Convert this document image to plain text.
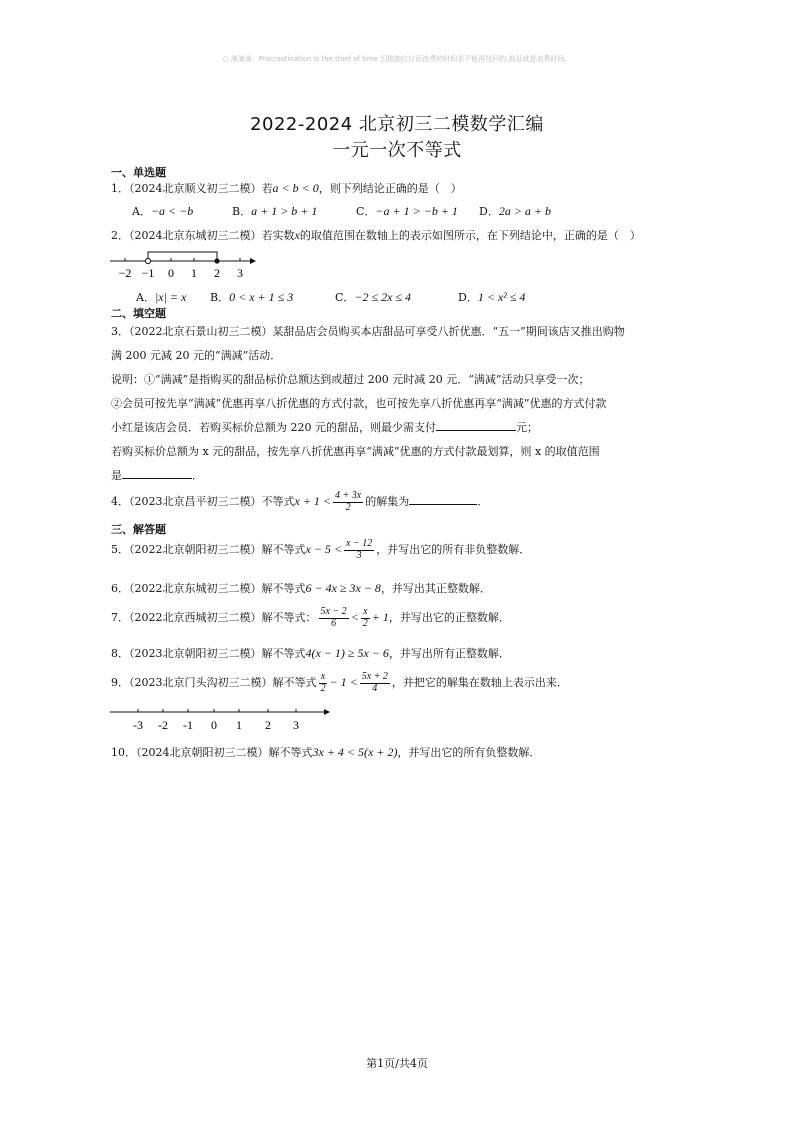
○ 滴滴滴：Procrastination is the thief of time 因拖拖拉拉而浪费的时间是不能再找回的.拖延就是浪费时间。
2022-2024 北京初三二模数学汇编
一元一次不等式
一、单选题
1．（2024北京顺义初三二模）若a < b < 0，则下列结论正确的是（　）
A．−a < −b	B．a + 1 > b + 1	C．−a + 1 > −b + 1 D．2a > a + b
2．（2024北京东城初三二模）若实数x的取值范围在数轴上的表示如图所示，在下列结论中，正确的是（　）
−2 −1 0 1 2 3
A．|x| = x B．0 < x + 1 ≤ 3	C．−2 ≤ 2x ≤ 4	D．1 < x² ≤ 4
二、填空题
3．（2022北京石景山初三二模）某甜品店会员购买本店甜品可享受八折优惠．“五一”期间该店又推出购物
满 200 元减 20 元的“满减”活动．
说明：①“满减”是指购买的甜品标价总额达到或超过 200 元时减 20 元．“满减”活动只享受一次；
②会员可按先享“满减”优惠再享八折优惠的方式付款，也可按先享八折优惠再享“满减”优惠的方式付款
小红是该店会员．若购买标价总额为 220 元的甜品，则最少需支付	元；
若购买标价总额为 x 元的甜品，按先享八折优惠再享“满减”优惠的方式付款最划算，则 x 的取值范围
是	．
4．（2023北京昌平初三二模）不等式$x + 1 < \frac{4 + 3x}{2}$ 的解集为	．
三、解答题
5．（2022北京朝阳初三二模）解不等式$x - 5 < \frac{x - 12}{3}$ ，并写出它的所有非负整数解．
6．（2022北京东城初三二模）解不等式6 − 4x ≥ 3x − 8，并写出其正整数解．
7．（2022北京西城初三二模）解不等式： $\frac{5x - 2}{6} < \frac{x}{2} + 1$，并写出它的正整数解．
8．（2023北京朝阳初三二模）解不等式4(x − 1) ≥ 5x − 6，并写出所有正整数解．
9．（2023北京门头沟初三二模）解不等式 $\frac{x}{2} - 1 < \frac{5x + 2}{4}$ ，并把它的解集在数轴上表示出来．
-3 -2 -1 0 1 2 3
10．（2024北京朝阳初三二模）解不等式3x + 4 < 5(x + 2)，并写出它的所有负整数解．
第1页/共4页
